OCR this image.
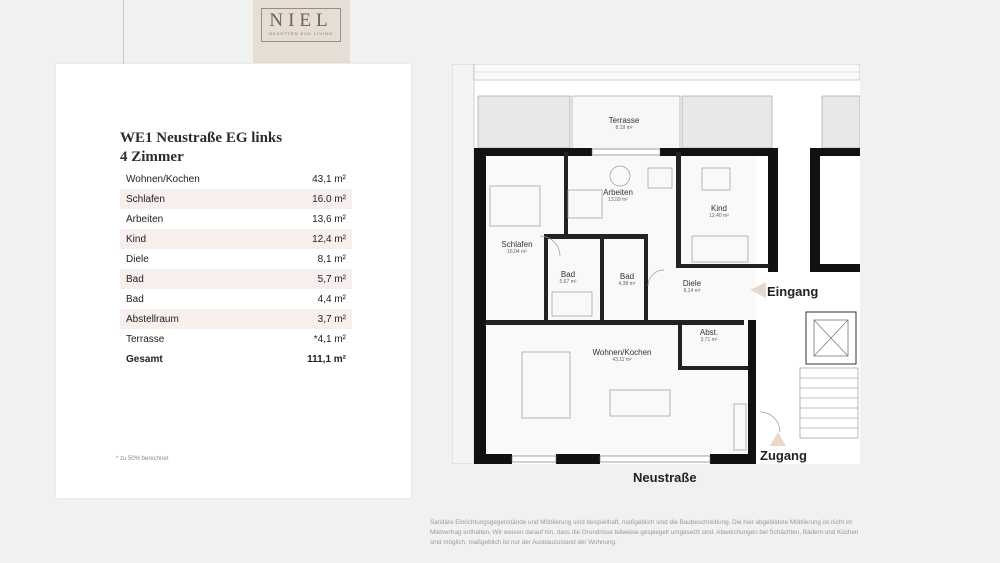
NIEL
NEUSTTEN ECK LIVING
WE1 Neustraße EG links
4 Zimmer
Wohnen/Kochen	43,1 m²
Schlafen	16.0 m²
Arbeiten	13,6 m²
Kind	12,4 m²
Diele	8,1 m²
Bad	5,7 m²
Bad	4,4 m²
Abstellraum	3,7 m²
Terrasse	*4,1 m²
Gesamt	111,1 m²
* zu 50% berechnet
Terrasse
8,19 m²
Arbeiten
13,59 m²
Kind
12,40 m²
Schlafen
16,04 m²
Bad
5,67 m²
Bad
4,38 m²	Diele
8,14 m²
Abst.
3,71 m²
Wohnen/Kochen
43,11 m²
Eingang
Zugang
Neustraße
Sanitäre Einrichtungsgegenstände und Möblierung sind beispielhaft, maßgeblich sind die Baubeschreibung. Die hier abgebildete Möblierung ist nicht im Mietvertrag enthalten. Wir weisen darauf hin, dass die Grundrisse teilweise gespiegelt umgesetzt sind. Abweichungen bei Schächten, Bädern und Küchen sind möglich, maßgeblich ist nur der Ausbauzustand der Wohnung.
